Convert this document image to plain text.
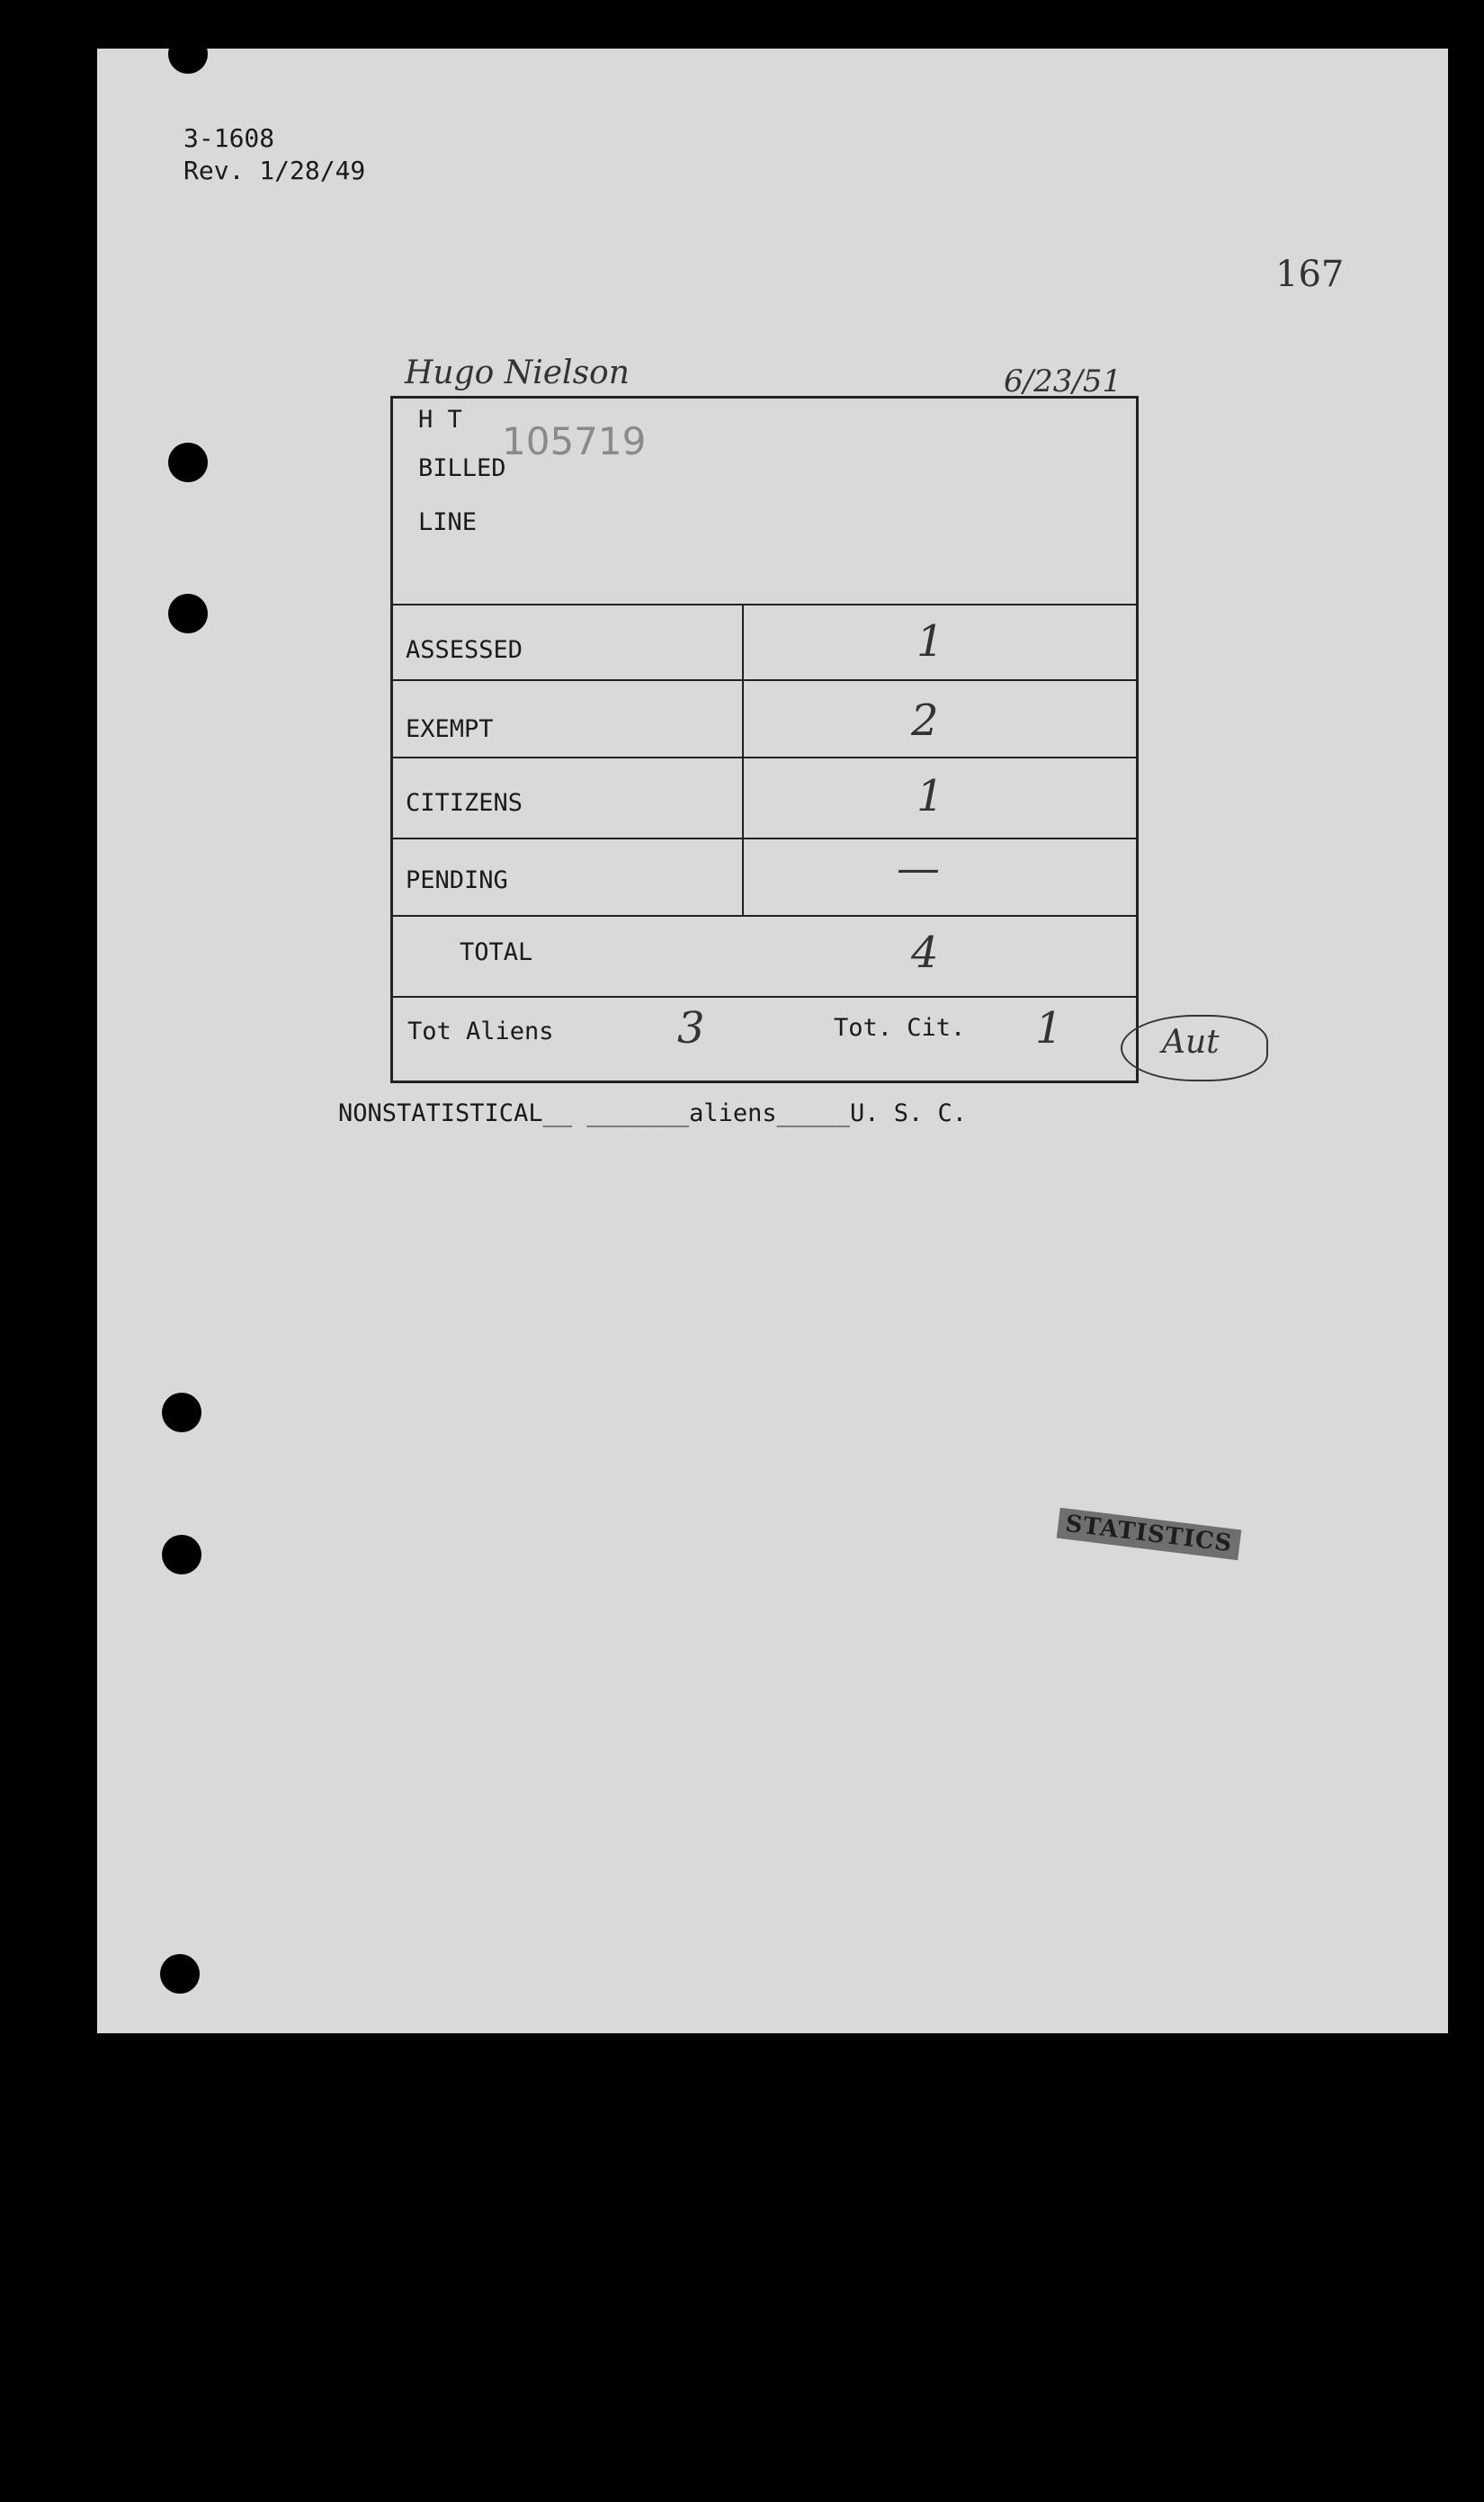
3-1608
Rev. 1/28/49
167
Hugo Nielson	6/23/51
105719
H T
BILLED
LINE
ASSESSED	1
EXEMPT	2
CITIZENS	1
PENDING	—
TOTAL	4
Tot Aliens	3	Tot. Cit. 1	Aut
NONSTATISTICAL__ _______aliens_____U. S. C.
STATISTICS
